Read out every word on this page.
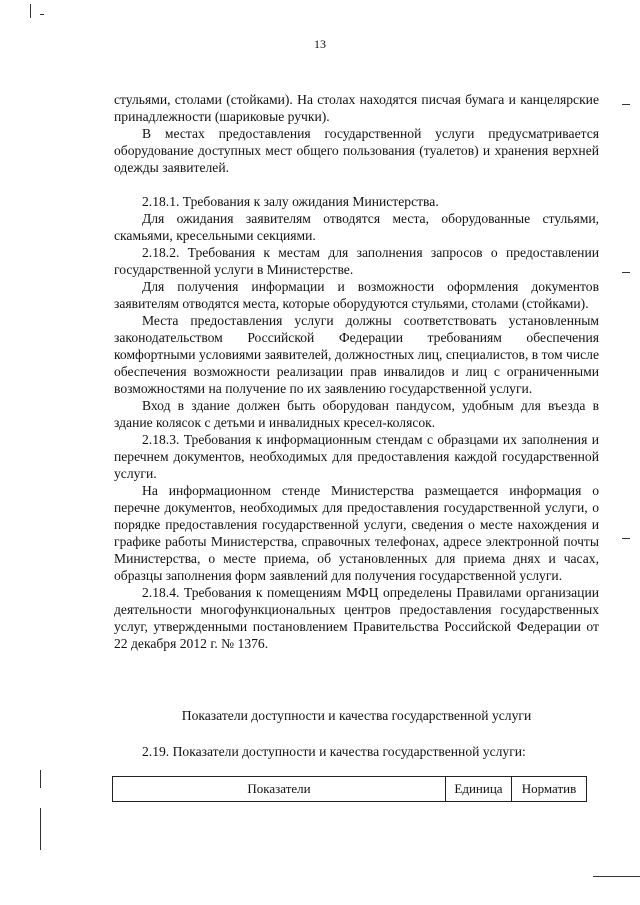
13

стульями, столами (стойками). На столах находятся писчая бумага и канцелярские принадлежности (шариковые ручки).

В местах предоставления государственной услуги предусматривается оборудование доступных мест общего пользования (туалетов) и хранения верхней одежды заявителей.

2.18.1. Требования к залу ожидания Министерства.

Для ожидания заявителям отводятся места, оборудованные стульями, скамьями, кресельными секциями.

2.18.2. Требования к местам для заполнения запросов о предоставлении государственной услуги в Министерстве.

Для получения информации и возможности оформления документов заявителям отводятся места, которые оборудуются стульями, столами (стойками).

Места предоставления услуги должны соответствовать установленным законодательством Российской Федерации требованиям обеспечения комфортными условиями заявителей, должностных лиц, специалистов, в том числе обеспечения возможности реализации прав инвалидов и лиц с ограниченными возможностями на получение по их заявлению государственной услуги.

Вход в здание должен быть оборудован пандусом, удобным для въезда в здание колясок с детьми и инвалидных кресел-колясок.

2.18.3. Требования к информационным стендам с образцами их заполнения и перечнем документов, необходимых для предоставления каждой государственной услуги.

На информационном стенде Министерства размещается информация о перечне документов, необходимых для предоставления государственной услуги, о порядке предоставления государственной услуги, сведения о месте нахождения и графике работы Министерства, справочных телефонах, адресе электронной почты Министерства, о месте приема, об установленных для приема днях и часах, образцы заполнения форм заявлений для получения государственной услуги.

2.18.4. Требования к помещениям МФЦ определены Правилами организации деятельности многофункциональных центров предоставления государственных услуг, утвержденными постановлением Правительства Российской Федерации от 22 декабря 2012 г. № 1376.

Показатели доступности и качества государственной услуги
2.19. Показатели доступности и качества государственной услуги:
Показатели	Единица	Норматив
